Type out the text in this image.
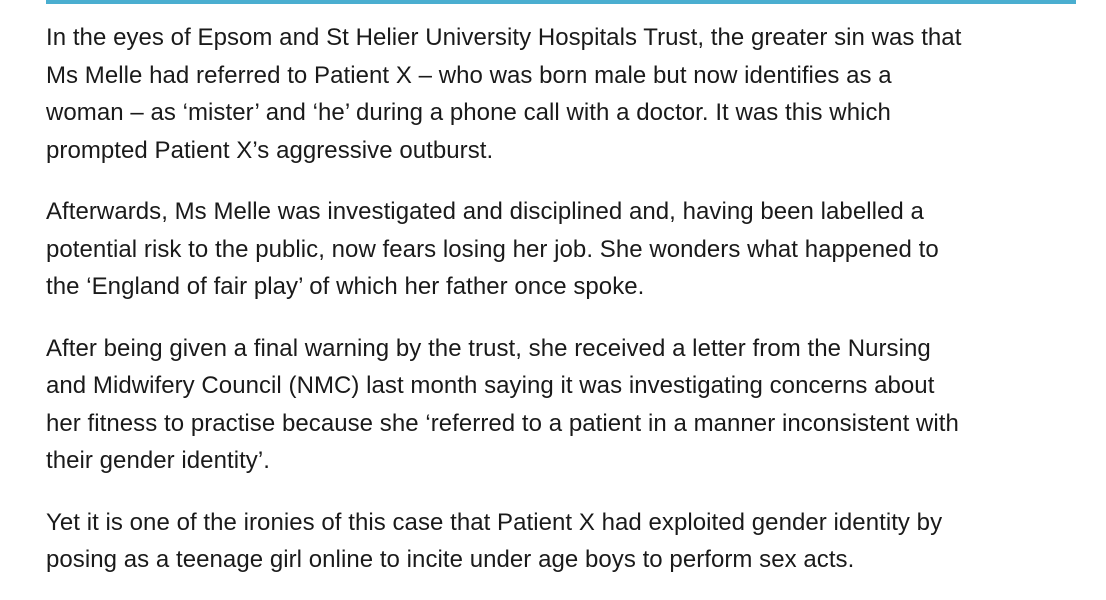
In the eyes of Epsom and St Helier University Hospitals Trust, the greater sin was that
Ms Melle had referred to Patient X – who was born male but now identifies as a
woman – as ‘mister’ and ‘he’ during a phone call with a doctor. It was this which
prompted Patient X’s aggressive outburst.

Afterwards, Ms Melle was investigated and disciplined and, having been labelled a
potential risk to the public, now fears losing her job. She wonders what happened to
the ‘England of fair play’ of which her father once spoke.

After being given a final warning by the trust, she received a letter from the Nursing
and Midwifery Council (NMC) last month saying it was investigating concerns about
her fitness to practise because she ‘referred to a patient in a manner inconsistent with
their gender identity’.

Yet it is one of the ironies of this case that Patient X had exploited gender identity by
posing as a teenage girl online to incite under age boys to perform sex acts.
